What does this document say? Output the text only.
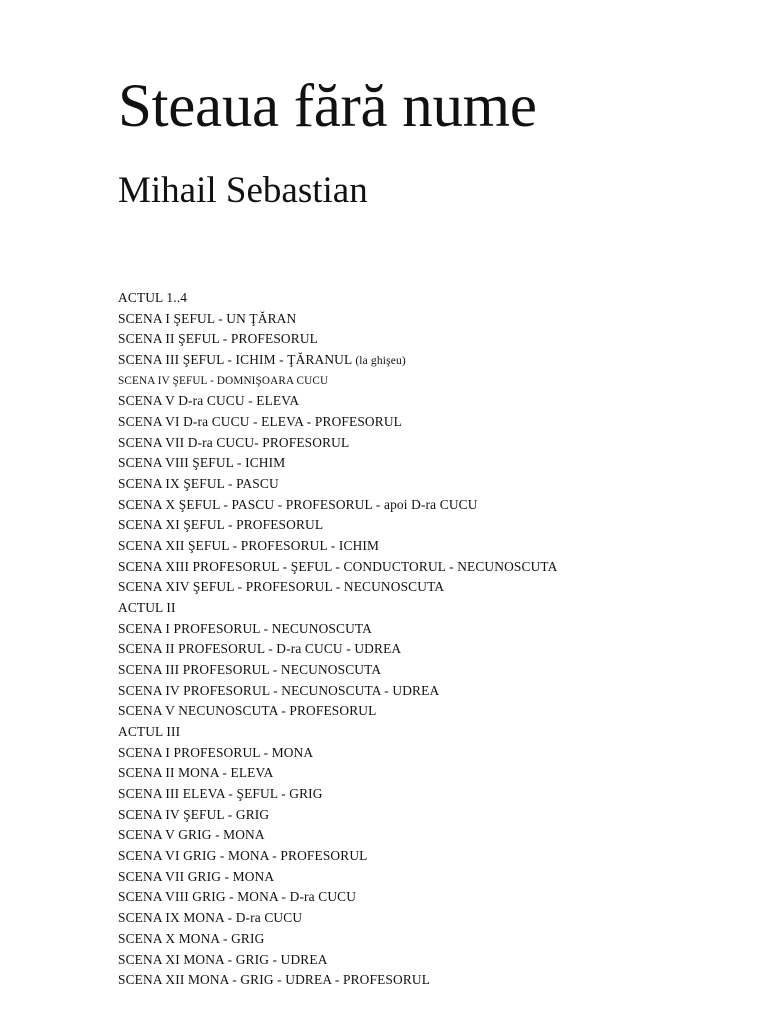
Steaua fără nume
Mihail Sebastian
ACTUL 1..4
SCENA I ŞEFUL - UN ŢĂRAN
SCENA II ŞEFUL - PROFESORUL
SCENA III ŞEFUL - ICHIM - ŢĂRANUL (la ghişeu)
SCENA IV ŞEFUL - DOMNIŞOARA CUCU
SCENA V D-ra CUCU - ELEVA
SCENA VI D-ra CUCU - ELEVA - PROFESORUL
SCENA VII D-ra CUCU- PROFESORUL
SCENA VIII ŞEFUL - ICHIM
SCENA IX ŞEFUL - PASCU
SCENA X ŞEFUL - PASCU - PROFESORUL - apoi D-ra CUCU
SCENA XI ŞEFUL - PROFESORUL
SCENA XII ŞEFUL - PROFESORUL - ICHIM
SCENA XIII PROFESORUL - ŞEFUL - CONDUCTORUL - NECUNOSCUTA
SCENA XIV ŞEFUL - PROFESORUL - NECUNOSCUTA
ACTUL II
SCENA I PROFESORUL - NECUNOSCUTA
SCENA II PROFESORUL - D-ra CUCU - UDREA
SCENA III PROFESORUL - NECUNOSCUTA
SCENA IV PROFESORUL - NECUNOSCUTA - UDREA
SCENA V NECUNOSCUTA - PROFESORUL
ACTUL III
SCENA I PROFESORUL - MONA
SCENA II MONA - ELEVA
SCENA III ELEVA - ŞEFUL - GRIG
SCENA IV ŞEFUL - GRIG
SCENA V GRIG - MONA
SCENA VI GRIG - MONA - PROFESORUL
SCENA VII GRIG - MONA
SCENA VIII GRIG - MONA - D-ra CUCU
SCENA IX MONA - D-ra CUCU
SCENA X MONA - GRIG
SCENA XI MONA - GRIG - UDREA
SCENA XII MONA - GRIG - UDREA - PROFESORUL
